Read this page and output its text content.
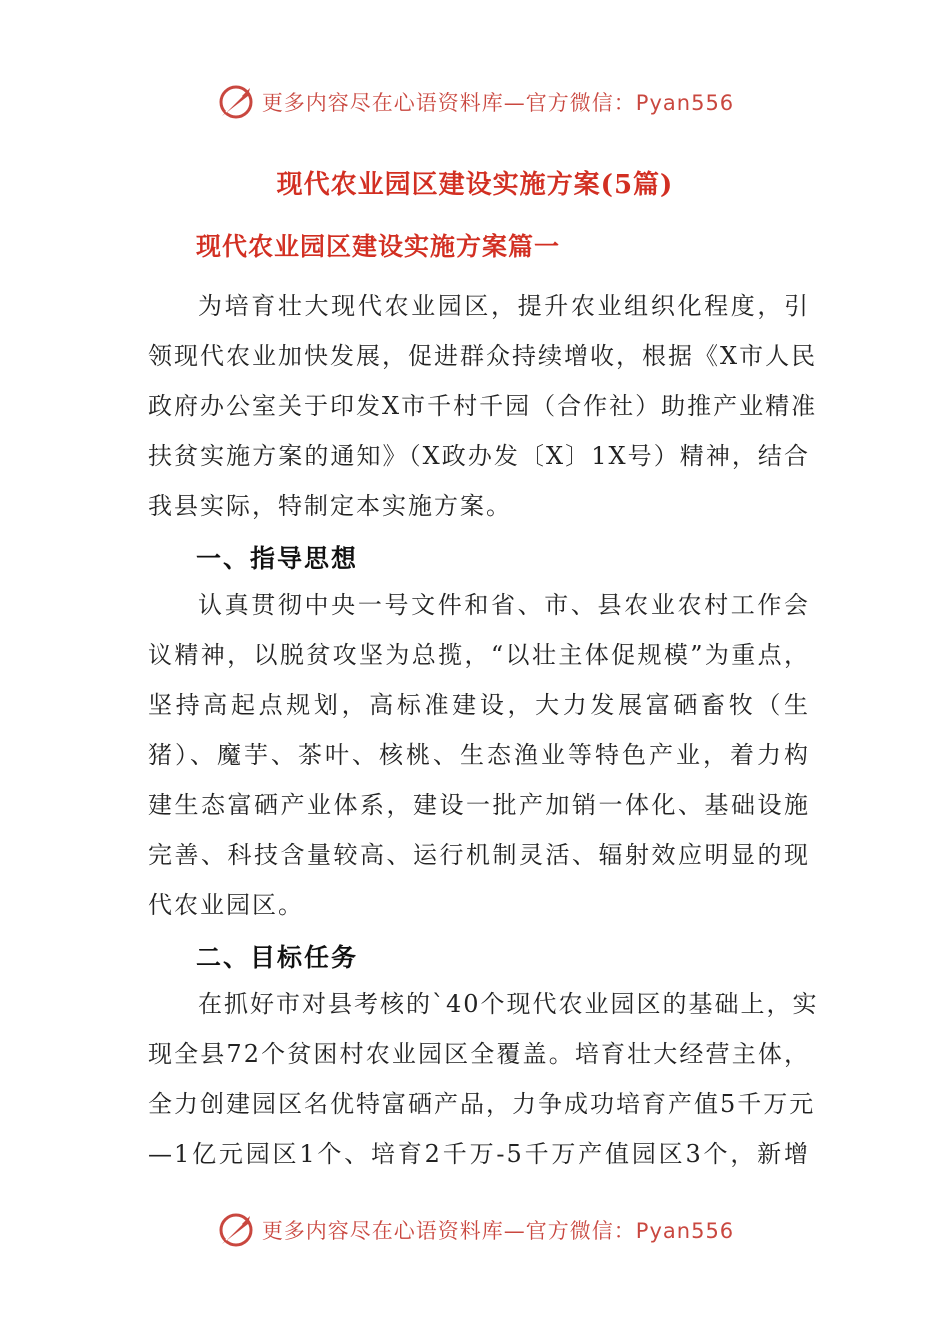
更多内容尽在心语资料库—官方微信：Pyan556
现代农业园区建设实施方案(5篇)
现代农业园区建设实施方案篇一
为培育壮大现代农业园区，提升农业组织化程度，引
领现代农业加快发展，促进群众持续增收，根据《X市人民
政府办公室关于印发X市千村千园（合作社）助推产业精准
扶贫实施方案的通知》（X政办发〔X〕1X号）精神，结合
我县实际，特制定本实施方案。
一、指导思想
认真贯彻中央一号文件和省、市、县农业农村工作会
议精神，以脱贫攻坚为总揽，“以壮主体促规模”为重点，
坚持高起点规划，高标准建设，大力发展富硒畜牧（生
猪）、魔芋、茶叶、核桃、生态渔业等特色产业，着力构
建生态富硒产业体系，建设一批产加销一体化、基础设施
完善、科技含量较高、运行机制灵活、辐射效应明显的现
代农业园区。
二、目标任务
在抓好市对县考核的`40个现代农业园区的基础上，实
现全县72个贫困村农业园区全覆盖。培育壮大经营主体，
全力创建园区名优特富硒产品，力争成功培育产值5千万元
—1亿元园区1个、培育2千万-5千万产值园区3个，新增
更多内容尽在心语资料库—官方微信：Pyan556
